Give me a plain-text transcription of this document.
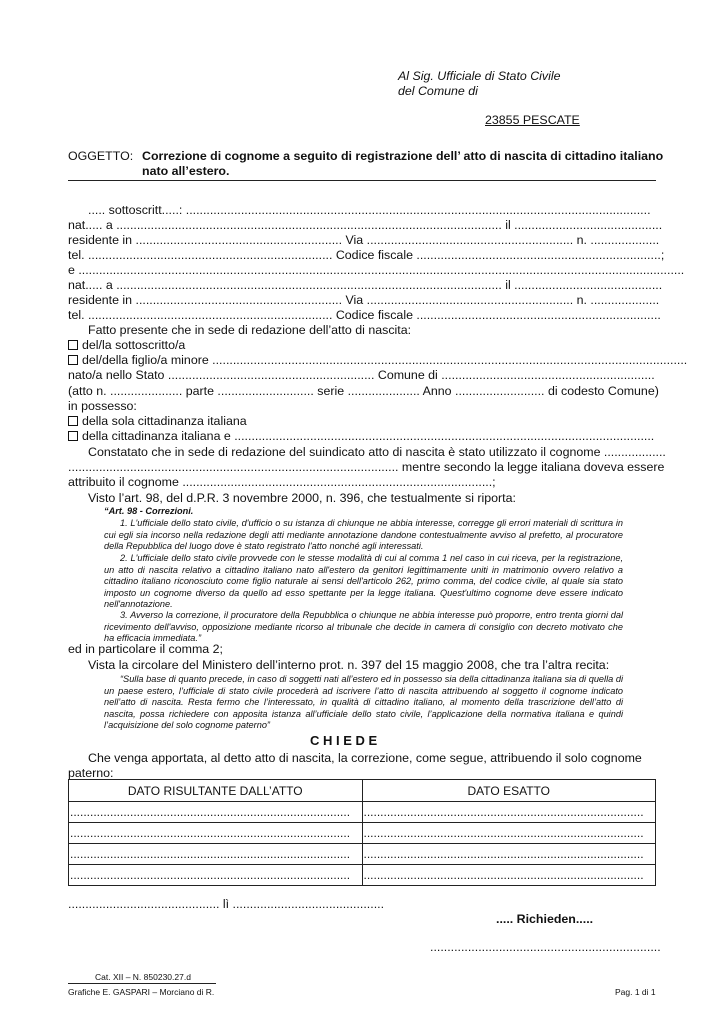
Al Sig. Ufficiale di Stato Civile
del Comune di
23855 PESCATE
OGGETTO: Correzione di cognome a seguito di registrazione dell’ atto di nascita di cittadino italiano
nato all’estero.
..... sottoscritt.....: .......................................................................................................................................
nat..... a ................................................................................................................ il ...........................................
residente in ............................................................ Via ............................................................ n. ....................
tel. ....................................................................... Codice fiscale .......................................................................;
e ................................................................................................................................................................................
nat..... a ................................................................................................................ il ...........................................
residente in ............................................................ Via ............................................................ n. ....................
tel. ....................................................................... Codice fiscale .......................................................................
Fatto presente che in sede di redazione dell’atto di nascita:
del/la sottoscritto/a
del/della figlio/a minore ..........................................................................................................................................
nato/a nello Stato ............................................................ Comune di ..............................................................
(atto n. ..................... parte ............................ serie ..................... Anno .......................... di codesto Comune)
in possesso:
della sola cittadinanza italiana
della cittadinanza italiana e ..........................................................................................................................
Constatato che in sede di redazione del suindicato atto di nascita è stato utilizzato il cognome ..................
................................................................................................ mentre secondo la legge italiana doveva essere
attribuito il cognome ..........................................................................................;
Visto l’art. 98, del d.P.R. 3 novembre 2000, n. 396, che testualmente si riporta:
“Art. 98 - Correzioni.
1. L'ufficiale dello stato civile, d'ufficio o su istanza di chiunque ne abbia interesse, corregge gli errori materiali di scrittura in cui egli sia incorso nella redazione degli atti mediante annotazione dandone contestualmente avviso al prefetto, al procuratore della Repubblica del luogo dove è stato registrato l'atto nonché agli interessati.
2. L'ufficiale dello stato civile provvede con le stesse modalità di cui al comma 1 nel caso in cui riceva, per la registrazione, un atto di nascita relativo a cittadino italiano nato all'estero da genitori legittimamente uniti in matrimonio ovvero relativo a cittadino italiano riconosciuto come figlio naturale ai sensi dell'articolo 262, primo comma, del codice civile, al quale sia stato imposto un cognome diverso da quello ad esso spettante per la legge italiana. Quest'ultimo cognome deve essere indicato nell'annotazione.
3. Avverso la correzione, il procuratore della Repubblica o chiunque ne abbia interesse può proporre, entro trenta giorni dal ricevimento dell'avviso, opposizione mediante ricorso al tribunale che decide in camera di consiglio con decreto motivato che ha efficacia immediata.”
ed in particolare il comma 2;
Vista la circolare del Ministero dell’interno prot. n. 397 del 15 maggio 2008, che tra l’altra recita:
“Sulla base di quanto precede, in caso di soggetti nati all’estero ed in possesso sia della cittadinanza italiana sia di quella di un paese estero, l’ufficiale di stato civile procederà ad iscrivere l’atto di nascita attribuendo al soggetto il cognome indicato nell’atto di nascita. Resta fermo che l’interessato, in qualità di cittadino italiano, al momento della trascrizione dell’atto di nascita, possa richiedere con apposita istanza all’ufficiale dello stato civile, l’applicazione della normativa italiana e quindi l’acquisizione del solo cognome paterno”
C H I E D E
Che venga apportata, al detto atto di nascita, la correzione, come segue, attribuendo il solo cognome
paterno:
DATO RISULTANTE DALL’ATTO	DATO ESATTO
....................................................................................	....................................................................................
....................................................................................	....................................................................................
....................................................................................	....................................................................................
....................................................................................	....................................................................................
............................................ lì ............................................
..... Richieden.....
...................................................................
Cat. XII – N. 850230.27.d
Grafiche E. GASPARI – Morciano di R.	Pag. 1 di 1
